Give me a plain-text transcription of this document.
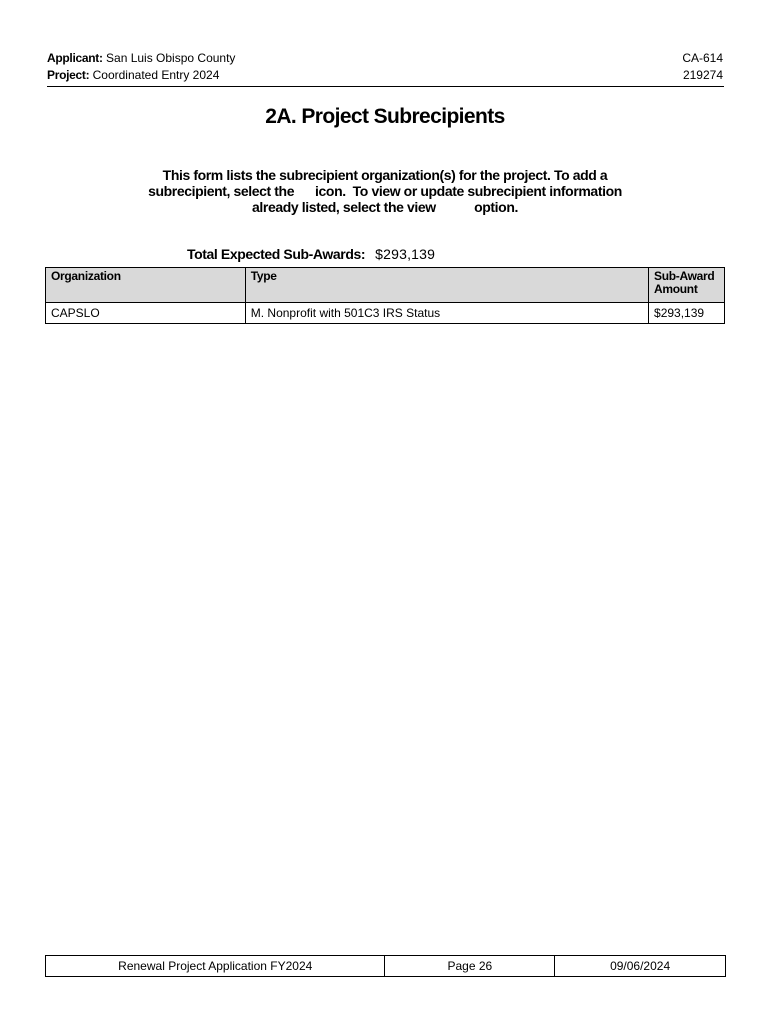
Applicant: San Luis Obispo County
Project: Coordinated Entry 2024
CA-614
219274
2A. Project Subrecipients
This form lists the subrecipient organization(s) for the project. To add a
subrecipient, select the      icon.  To view or update subrecipient information
already listed, select the view           option.
Total Expected Sub-Awards: $293,139
Organization	Type	Sub-Award
Amount
CAPSLO	M. Nonprofit with 501C3 IRS Status	$293,139
Renewal Project Application FY2024	Page 26	09/06/2024
